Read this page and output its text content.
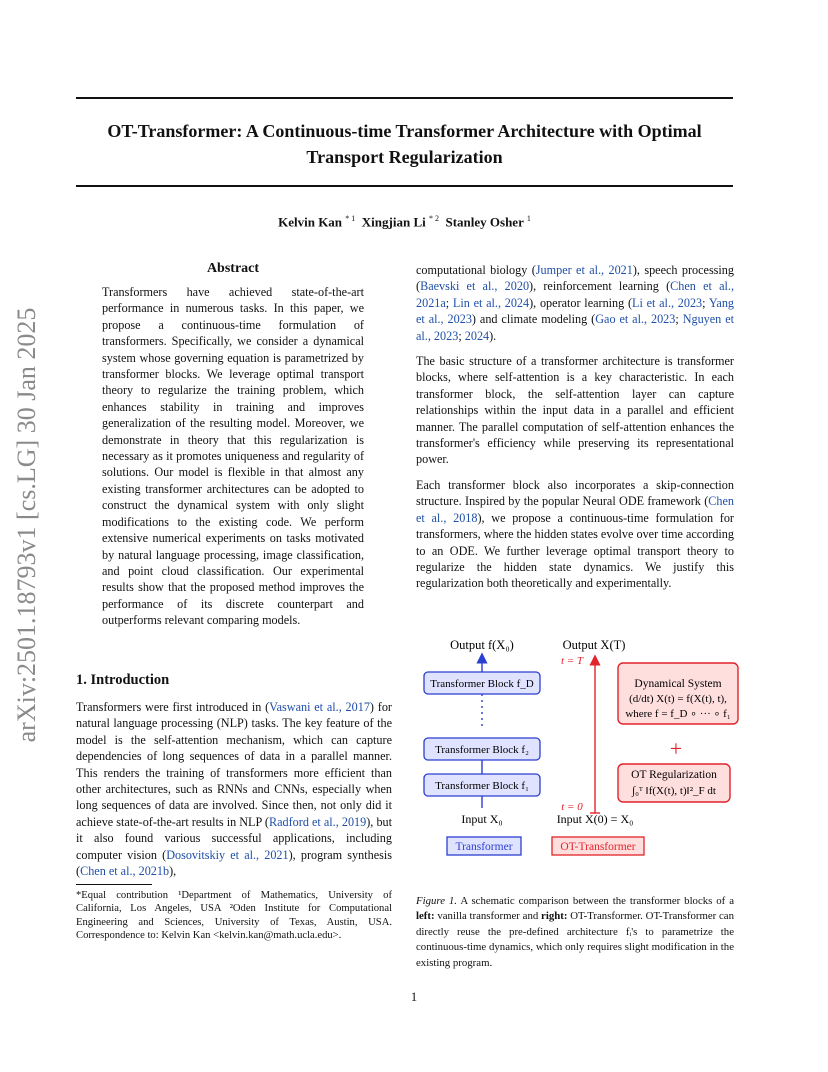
arXiv:2501.18793v1 [cs.LG] 30 Jan 2025
OT-Transformer: A Continuous-time Transformer Architecture with Optimal Transport Regularization
Kelvin Kan $^{* 1}$ Xingjian Li $^{* 2}$ Stanley Osher $^1$
Abstract
Transformers have achieved state-of-the-art performance in numerous tasks. In this paper, we propose a continuous-time formulation of transformers. Specifically, we consider a dynamical system whose governing equation is parametrized by transformer blocks. We leverage optimal transport theory to regularize the training problem, which enhances stability in training and improves generalization of the resulting model. Moreover, we demonstrate in theory that this regularization is necessary as it promotes uniqueness and regularity of solutions. Our model is flexible in that almost any existing transformer architectures can be adopted to construct the dynamical system with only slight modifications to the existing code. We perform extensive numerical experiments on tasks motivated by natural language processing, image classification, and point cloud classification. Our experimental results show that the proposed method improves the performance of its discrete counterpart and outperforms relevant comparing models.
1. Introduction

Transformers were first introduced in (Vaswani et al., 2017) for natural language processing (NLP) tasks. The key feature of the model is the self-attention mechanism, which can capture dependencies of long sequences of data in a parallel manner. This renders the training of transformers more efficient than other architectures, such as RNNs and CNNs, especially when long sequences of data are involved. Since then, not only did it achieve state-of-the-art results in NLP (Radford et al., 2019), but it also found various successful applications, including computer vision (Dosovitskiy et al., 2021), program synthesis (Chen et al., 2021b),

*Equal contribution ¹Department of Mathematics, University of California, Los Angeles, USA ²Oden Institute for Computational Engineering and Sciences, University of Texas, Austin, USA. Correspondence to: Kelvin Kan <kelvin.kan@math.ucla.edu>.

computational biology (Jumper et al., 2021), speech processing (Baevski et al., 2020), reinforcement learning (Chen et al., 2021a; Lin et al., 2024), operator learning (Li et al., 2023; Yang et al., 2023) and climate modeling (Gao et al., 2023; Nguyen et al., 2023; 2024).

The basic structure of a transformer architecture is transformer blocks, where self-attention is a key characteristic. In each transformer block, the self-attention layer can capture relationships within the input data in a parallel and efficient manner. The parallel computation of self-attention enhances the transformer's efficiency while preserving its representational power.

Each transformer block also incorporates a skip-connection structure. Inspired by the popular Neural ODE framework (Chen et al., 2018), we propose a continuous-time formulation for transformers, where the hidden states evolve over time according to an ODE. We further leverage optimal transport theory to regularize the hidden state dynamics. We justify this regularization both theoretically and experimentally.

Output f(X₀)
Transformer Block f_D
Transformer Block f₂
Transformer Block f₁
Input X₀
Transformer
Output X(T)
t = T
t = 0
Dynamical System
(d/dt) X(t) = f(X(t), t),
where f = f_D ∘ ··· ∘ f₁
+
OT Regularization
∫₀ᵀ ‖f(X(t), t)‖²_F dt
Input X(0) = X₀
OT-Transformer
Figure 1. A schematic comparison between the transformer blocks of a left: vanilla transformer and right: OT-Transformer. OT-Transformer can directly reuse the pre-defined architecture fᵢ's to parametrize the continuous-time dynamics, which only requires slight modification in the existing program.
1
